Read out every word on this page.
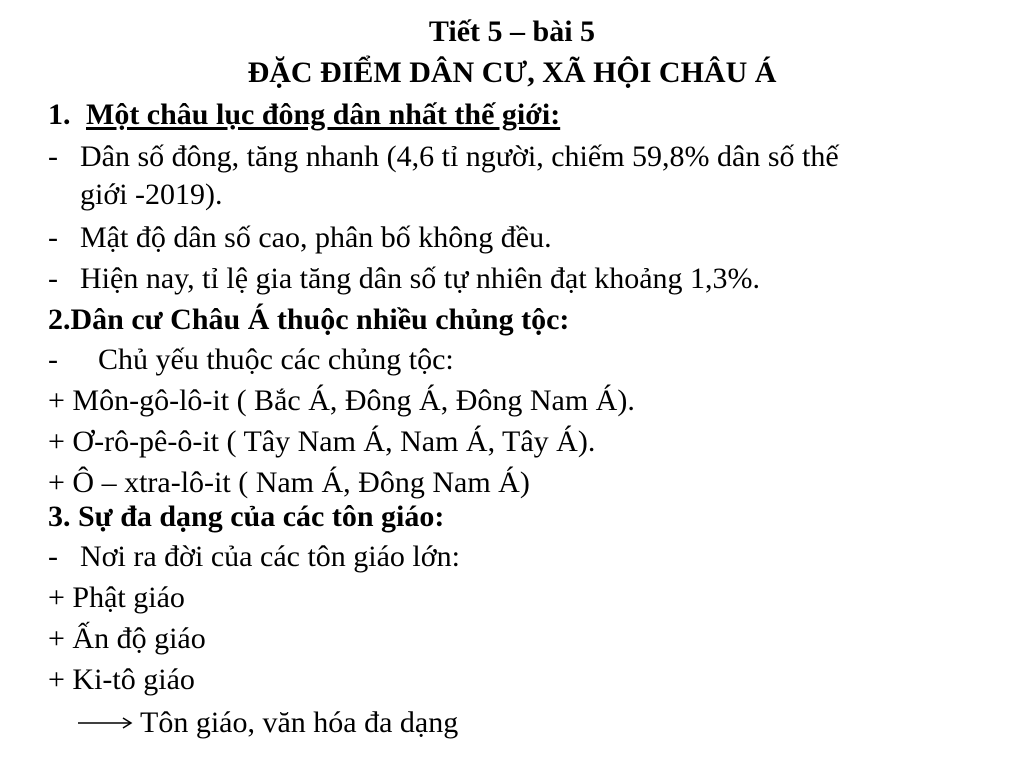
Tiết 5 – bài 5
ĐẶC ĐIỂM DÂN CƯ, XÃ HỘI CHÂU Á
1. Một châu lục đông dân nhất thế giới:
- Dân số đông, tăng nhanh (4,6 tỉ người, chiếm 59,8% dân số thế
giới -2019).
- Mật độ dân số cao, phân bố không đều.
- Hiện nay, tỉ lệ gia tăng dân số tự nhiên đạt khoảng 1,3%.
2.Dân cư Châu Á thuộc nhiều chủng tộc:
- Chủ yếu thuộc các chủng tộc:
+ Môn-gô-lô-it ( Bắc Á, Đông Á, Đông Nam Á).
+ Ơ-rô-pê-ô-it ( Tây Nam Á, Nam Á, Tây Á).
+ Ô – xtra-lô-it ( Nam Á, Đông Nam Á)
3. Sự đa dạng của các tôn giáo:
- Nơi ra đời của các tôn giáo lớn:
+ Phật giáo
+ Ấn độ giáo
+ Ki-tô giáo
Tôn giáo, văn hóa đa dạng
